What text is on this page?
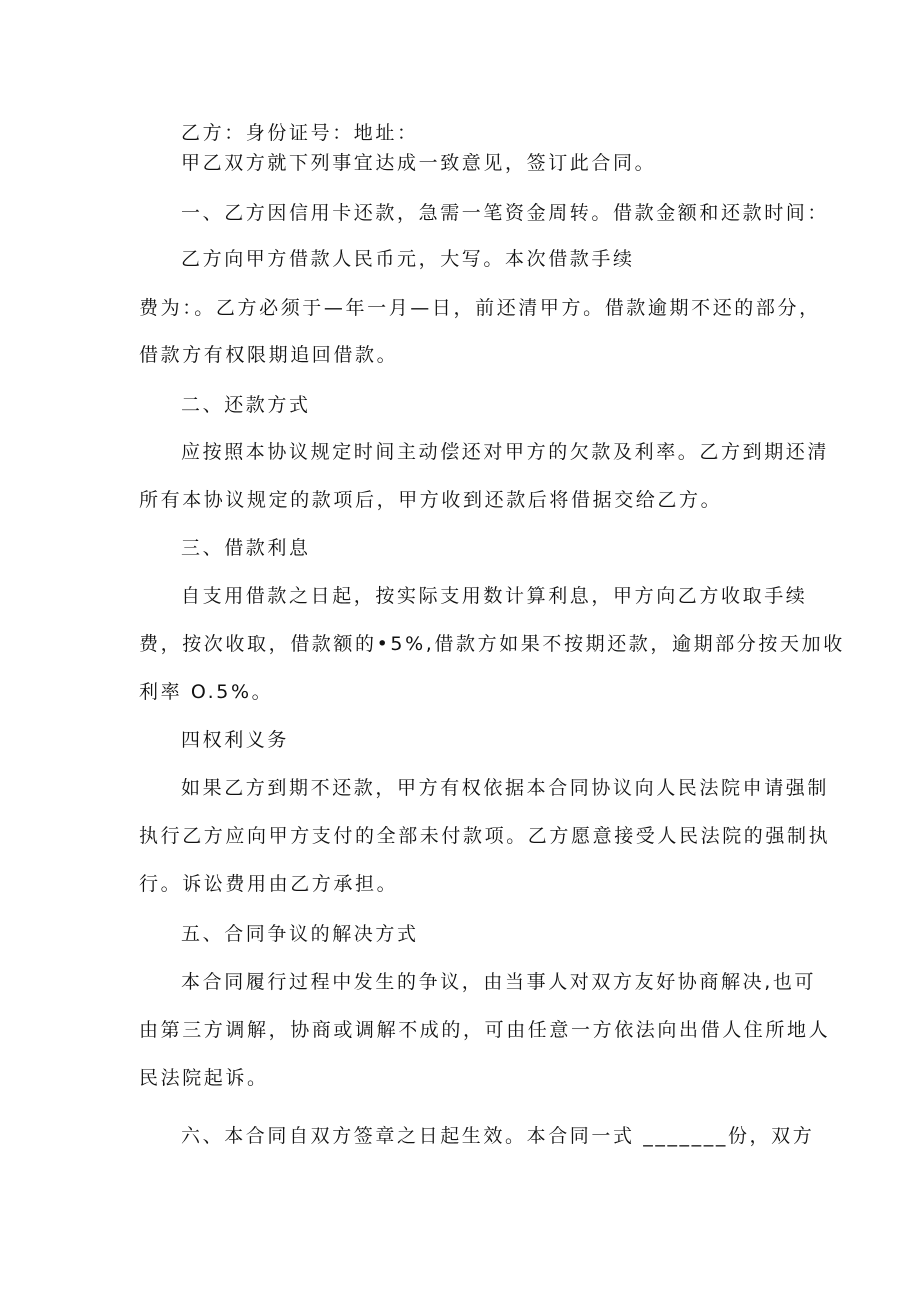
乙方：身份证号：地址：
甲乙双方就下列事宜达成一致意见，签订此合同。
一、乙方因信用卡还款，急需一笔资金周转。借款金额和还款时间：
乙方向甲方借款人民币元，大写。本次借款手续
费为：。乙方必须于—年一月—日，前还清甲方。借款逾期不还的部分，
借款方有权限期追回借款。
二、还款方式
应按照本协议规定时间主动偿还对甲方的欠款及利率。乙方到期还清
所有本协议规定的款项后，甲方收到还款后将借据交给乙方。
三、借款利息
自支用借款之日起，按实际支用数计算利息，甲方向乙方收取手续
费，按次收取，借款额的•5%,借款方如果不按期还款，逾期部分按天加收
利率 O.5%。
四权利义务
如果乙方到期不还款，甲方有权依据本合同协议向人民法院申请强制
执行乙方应向甲方支付的全部未付款项。乙方愿意接受人民法院的强制执
行。诉讼费用由乙方承担。
五、合同争议的解决方式
本合同履行过程中发生的争议，由当事人对双方友好协商解决,也可
由第三方调解，协商或调解不成的，可由任意一方依法向出借人住所地人
民法院起诉。
六、本合同自双方签章之日起生效。本合同一式 _______份，双方
